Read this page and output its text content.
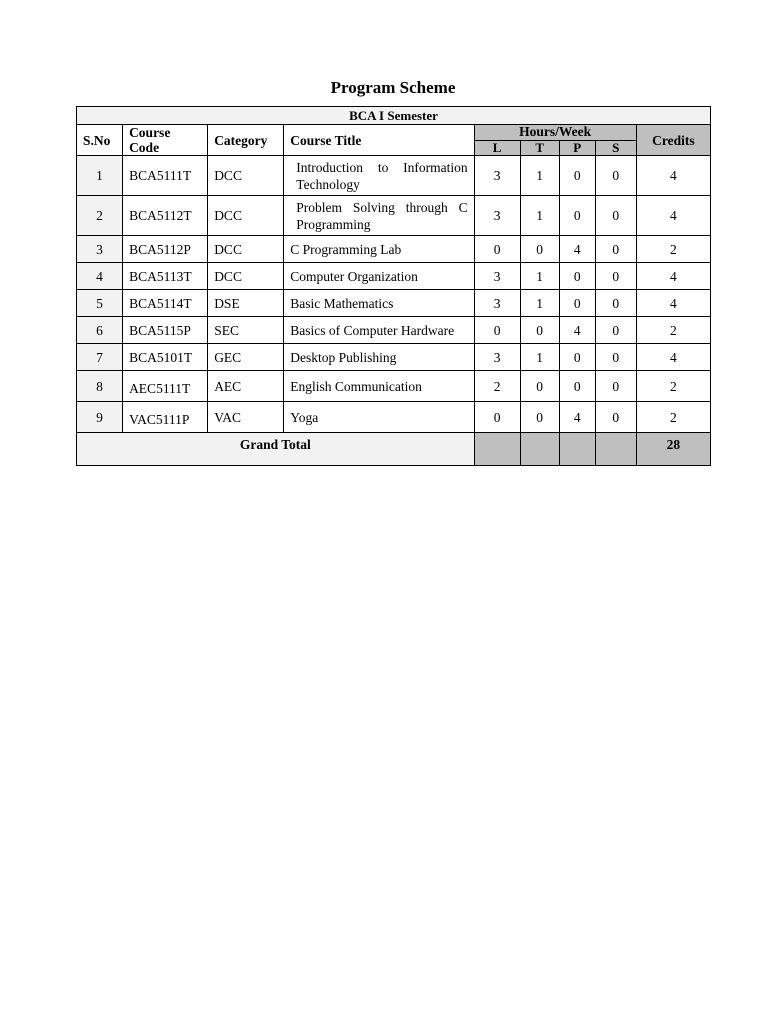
Program Scheme
BCA I Semester								
S.No	Course Code	Category	Course Title	Hours/Week				Credits
				L	T	P	S	
1	BCA5111T	DCC	Introduction to Information Technology	3	1	0	0	4
2	BCA5112T	DCC	Problem Solving through C Programming	3	1	0	0	4
3	BCA5112P	DCC	C Programming Lab	0	0	4	0	2
4	BCA5113T	DCC	Computer Organization	3	1	0	0	4
5	BCA5114T	DSE	Basic Mathematics	3	1	0	0	4
6	BCA5115P	SEC	Basics of Computer Hardware	0	0	4	0	2
7	BCA5101T	GEC	Desktop Publishing	3	1	0	0	4
8	AEC5111T	AEC	English Communication	2	0	0	0	2
9	VAC5111P	VAC	Yoga	0	0	4	0	2
Grand Total								28
